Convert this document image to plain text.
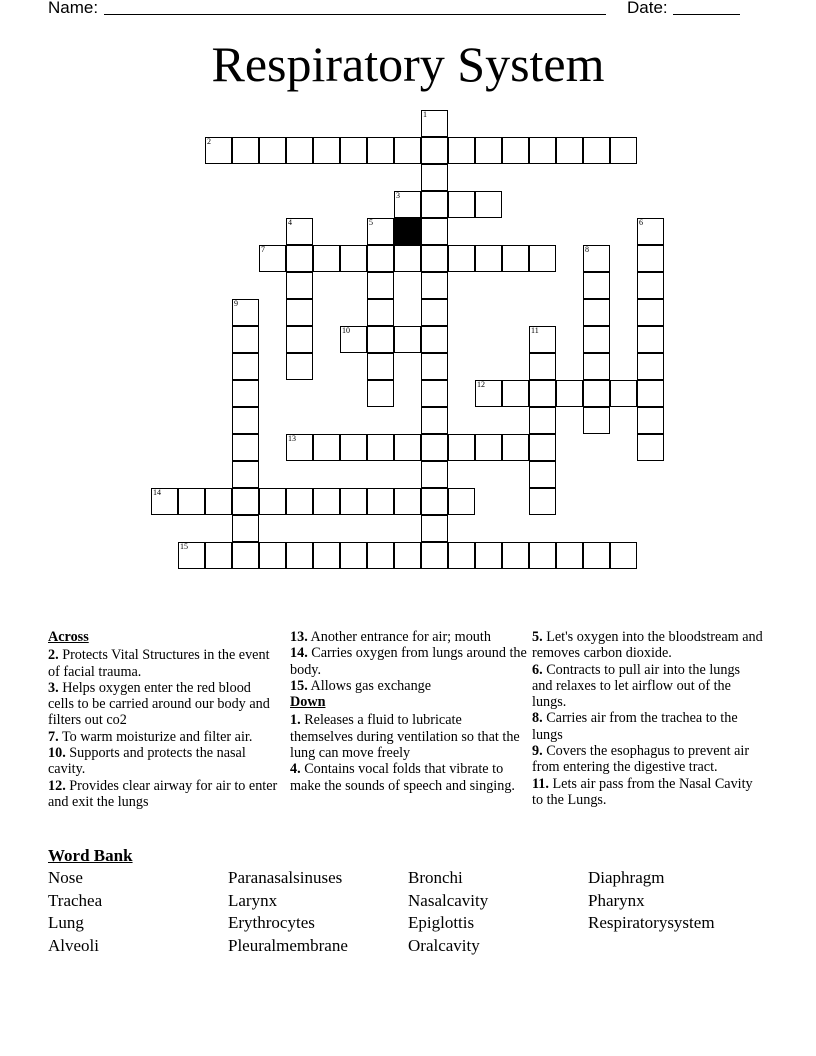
Name:	Date:
Respiratory System
1
2
3
4	5	6
7	8
9
10	11
12
13
14
15
Across

2. Protects Vital Structures in the event of facial trauma.

3. Helps oxygen enter the red blood cells to be carried around our body and filters out co2

7. To warm moisturize and filter air.

10. Supports and protects the nasal cavity.

12. Provides clear airway for air to enter and exit the lungs

13. Another entrance for air; mouth

14. Carries oxygen from lungs around the body.

15. Allows gas exchange

Down

1. Releases a fluid to lubricate themselves during ventilation so that the lung can move freely

4. Contains vocal folds that vibrate to make the sounds of speech and singing.

5. Let's oxygen into the bloodstream and removes carbon dioxide.

6. Contracts to pull air into the lungs and relaxes to let airflow out of the lungs.

8. Carries air from the trachea to the lungs

9. Covers the esophagus to prevent air from entering the digestive tract.

11. Lets air pass from the Nasal Cavity to the Lungs.

Word Bank
Nose
Trachea
Lung
Alveoli
Paranasalsinuses
Larynx
Erythrocytes
Pleuralmembrane
Bronchi
Nasalcavity
Epiglottis
Oralcavity
Diaphragm
Pharynx
Respiratorysystem
